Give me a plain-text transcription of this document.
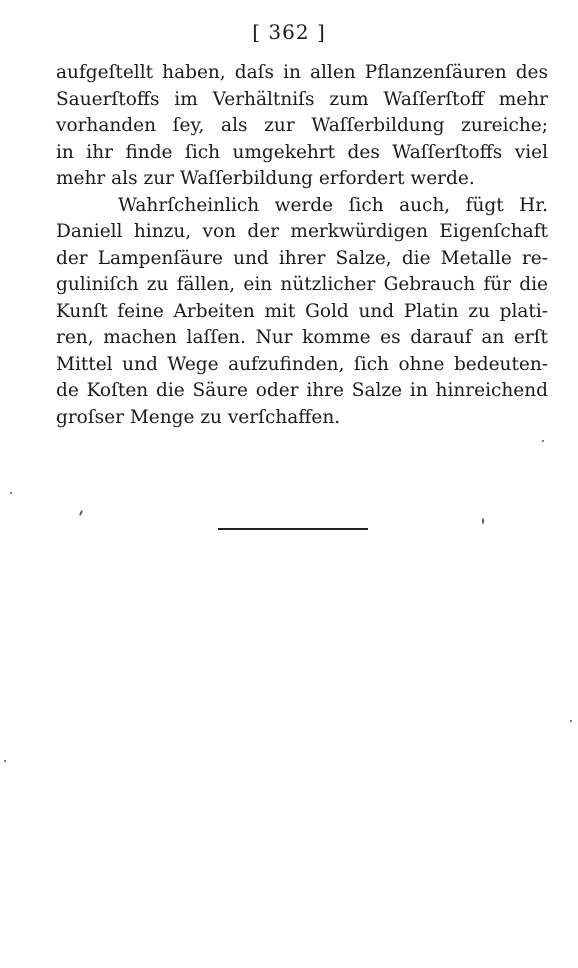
[ 362 ]
aufgeſtellt haben, daſs in allen Pflanzenſäuren des
Sauerſtoffs im Verhältniſs zum Waſſerſtoff mehr
vorhanden ſey, als zur Waſſerbildung zureiche;
in ihr finde ſich umgekehrt des Waſſerſtoffs viel
mehr als zur Waſſerbildung erfordert werde.
Wahrſcheinlich werde ſich auch, fügt Hr.
Daniell hinzu, von der merkwürdigen Eigenſchaft
der Lampenſäure und ihrer Salze, die Metalle re-
guliniſch zu fällen, ein nützlicher Gebrauch für die
Kunſt feine Arbeiten mit Gold und Platin zu plati-
ren, machen laſſen. Nur komme es darauf an erſt
Mittel und Wege aufzufinden, ſich ohne bedeuten-
de Koſten die Säure oder ihre Salze in hinreichend
groſser Menge zu verſchaffen.
